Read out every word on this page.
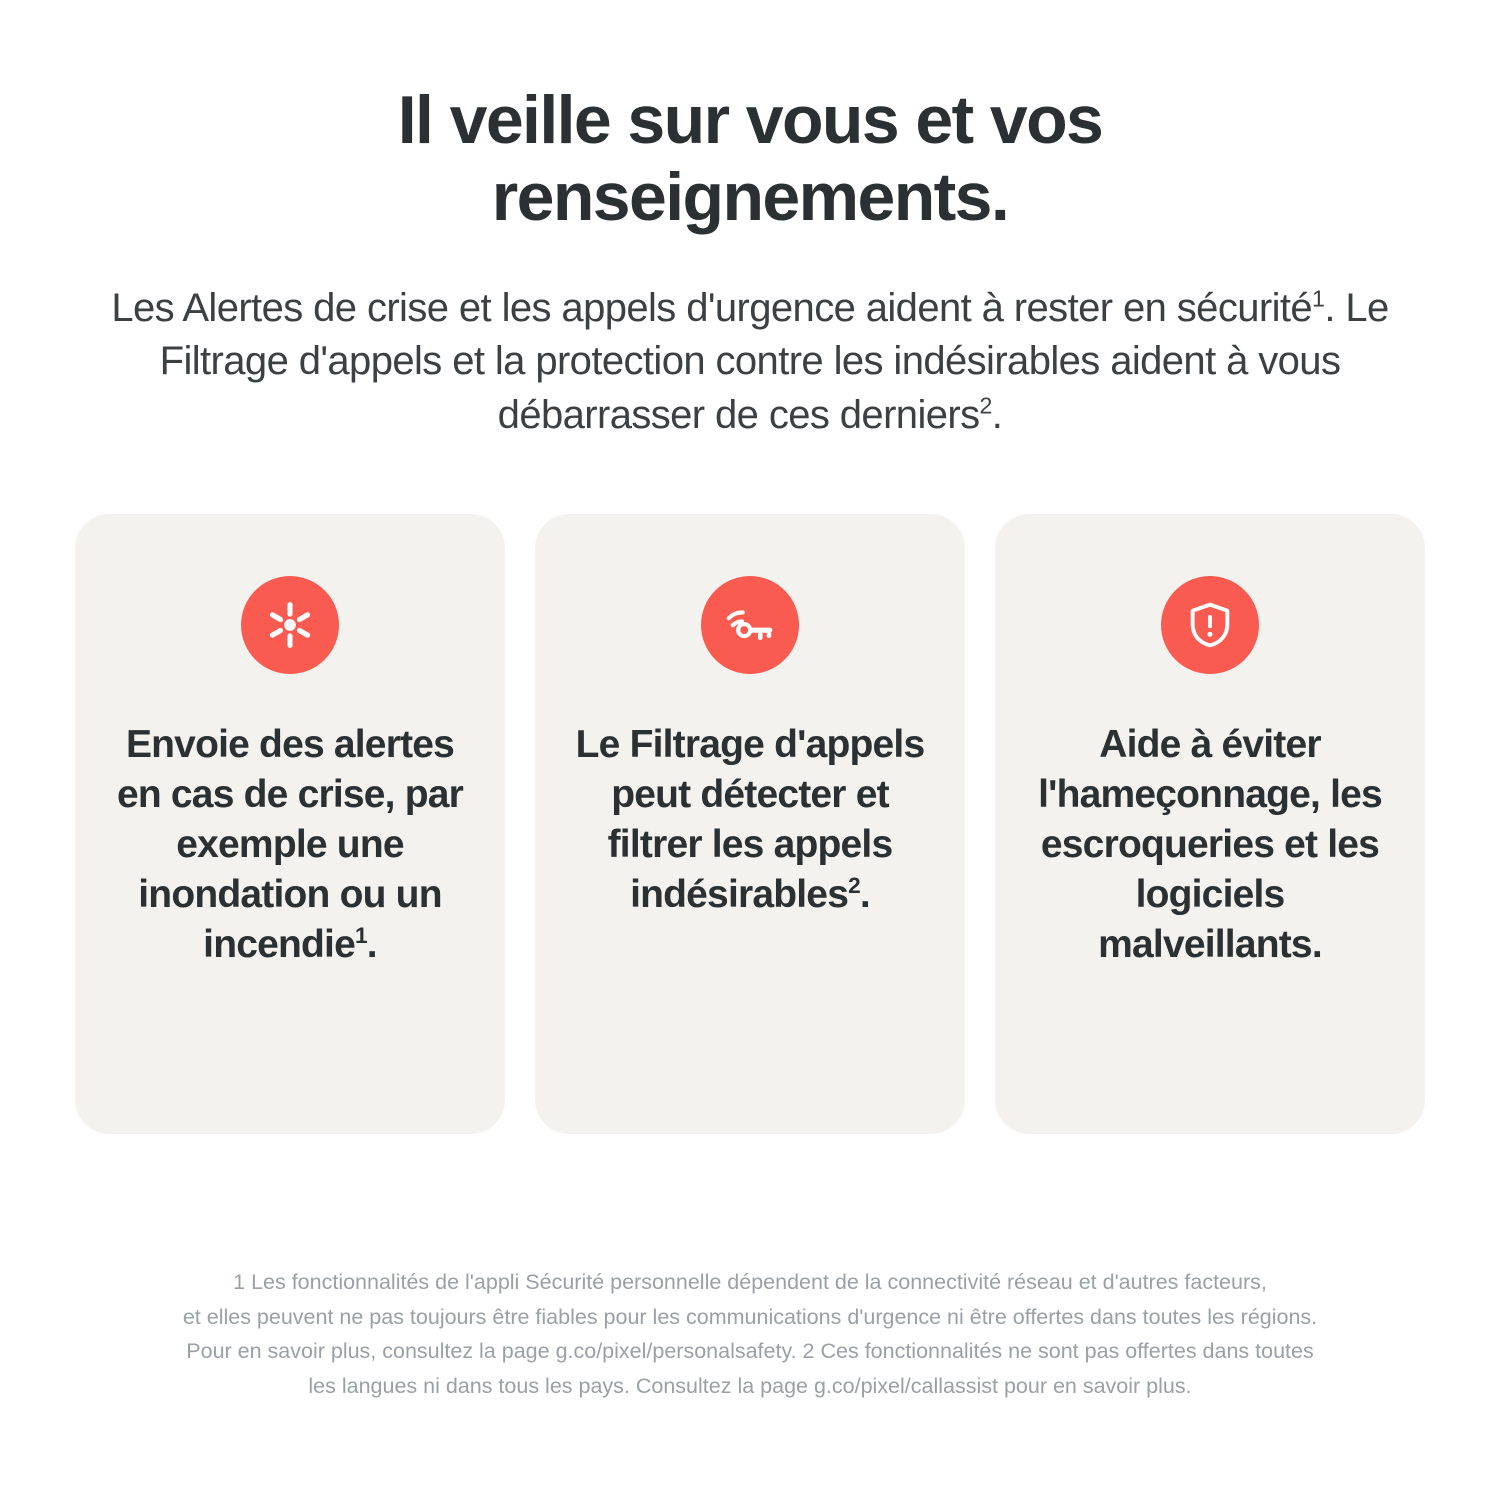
Il veille sur vous et vos renseignements.

Les Alertes de crise et les appels d'urgence aident à rester en sécurité$^1$. Le Filtrage d'appels et la protection contre les indésirables aident à vous débarrasser de ces derniers$^2$.

Envoie des alertes en cas de crise, par exemple une inondation ou un incendie$^1$.
Le Filtrage d'appels peut détecter et filtrer les appels indésirables$^2$.
Aide à éviter l'hameçonnage, les escroqueries et les logiciels malveillants.
1 Les fonctionnalités de l'appli Sécurité personnelle dépendent de la connectivité réseau et d'autres facteurs,
et elles peuvent ne pas toujours être fiables pour les communications d'urgence ni être offertes dans toutes les régions.
Pour en savoir plus, consultez la page g.co/pixel/personalsafety. 2 Ces fonctionnalités ne sont pas offertes dans toutes
les langues ni dans tous les pays. Consultez la page g.co/pixel/callassist pour en savoir plus.
